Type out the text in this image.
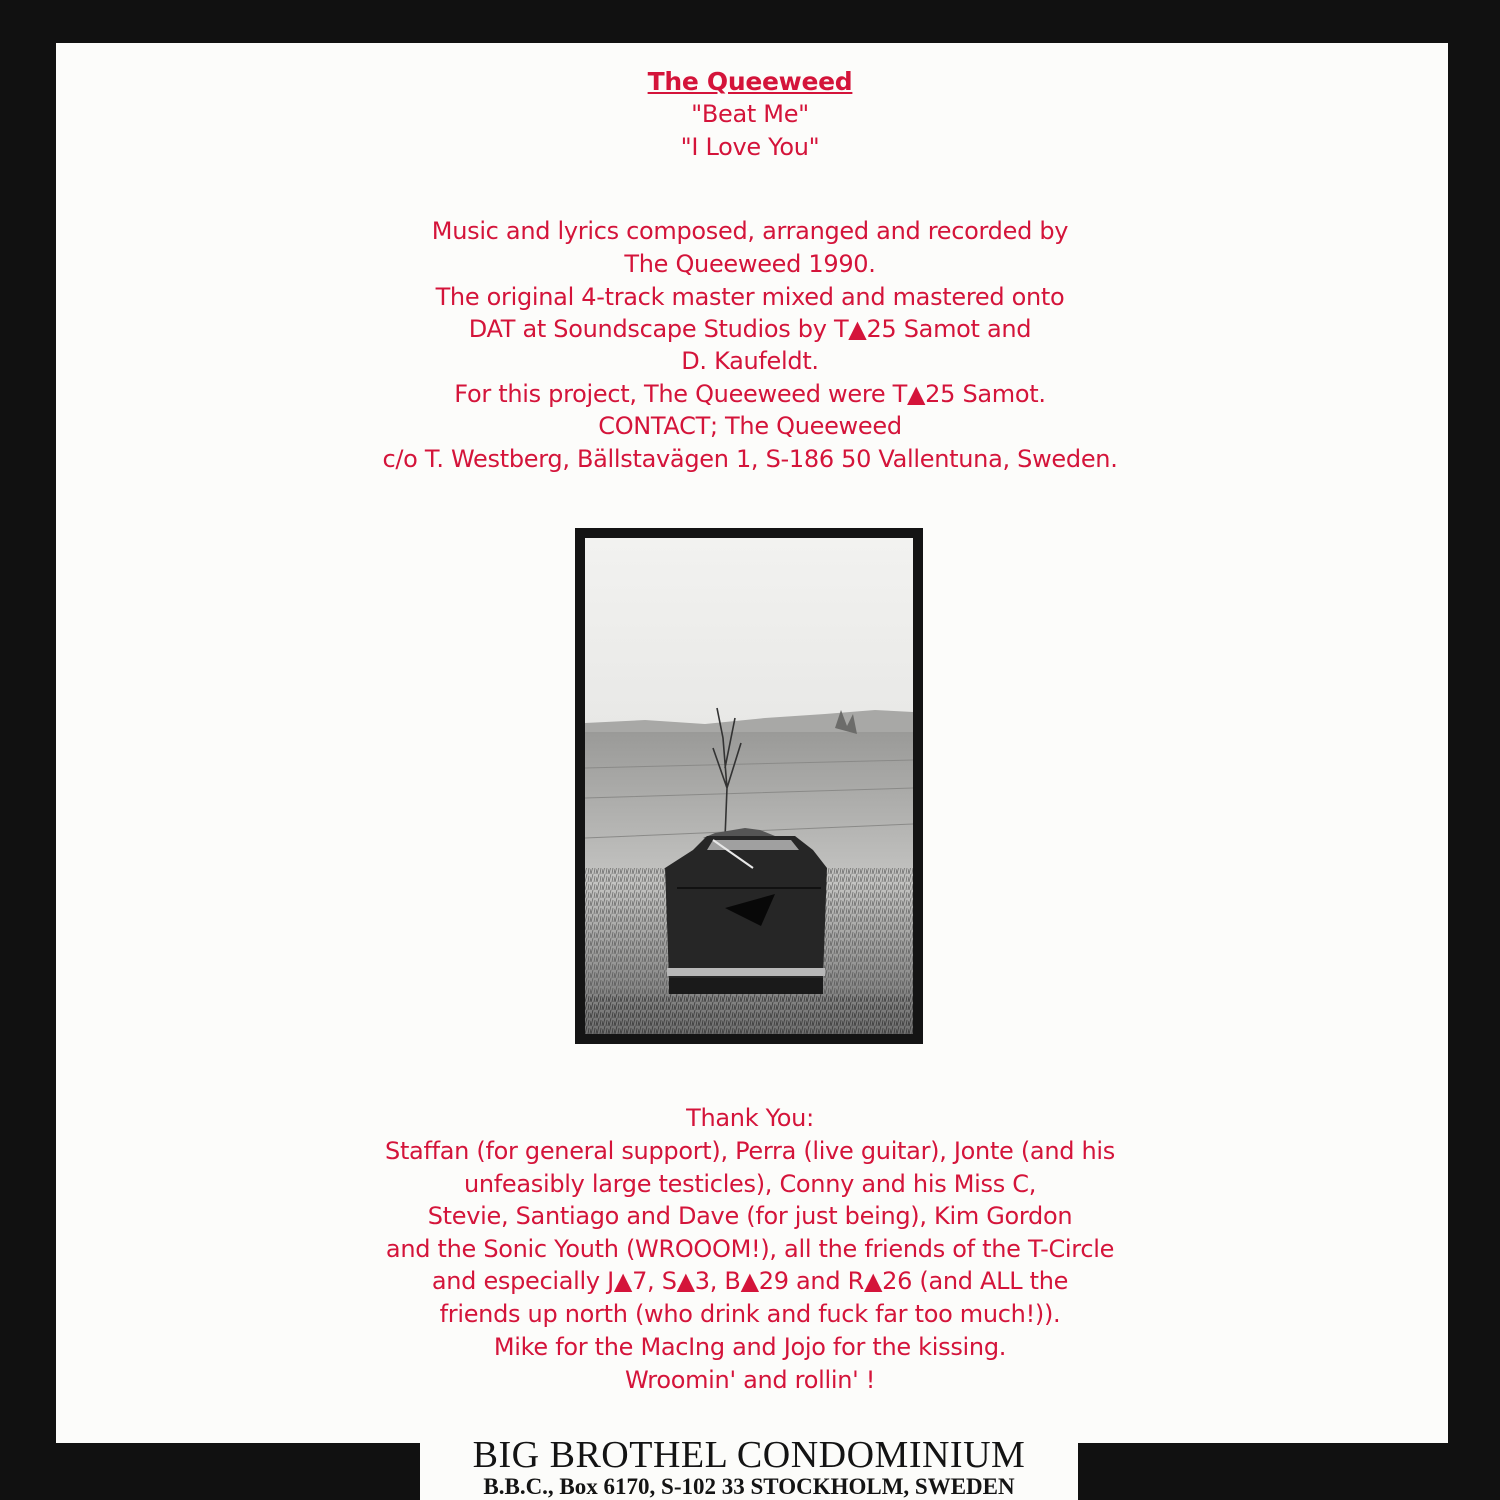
The Queeweed
"Beat Me"
"I Love You"
Music and lyrics composed, arranged and recorded by
The Queeweed 1990.
The original 4-track master mixed and mastered onto
DAT at Soundscape Studios by T▲25 Samot and
D. Kaufeldt.
For this project, The Queeweed were T▲25 Samot.
CONTACT; The Queeweed
c/o T. Westberg, Bällstavägen 1, S-186 50 Vallentuna, Sweden.
Thank You:
Staffan (for general support), Perra (live guitar), Jonte (and his
unfeasibly large testicles), Conny and his Miss C,
Stevie, Santiago and Dave (for just being), Kim Gordon
and the Sonic Youth (WROOOM!), all the friends of the T-Circle
and especially J▲7, S▲3, B▲29 and R▲26 (and ALL the
friends up north (who drink and fuck far too much!)).
Mike for the MacIng and Jojo for the kissing.
Wroomin' and rollin' !
BIG BROTHEL CONDOMINIUM
B.B.C., Box 6170, S-102 33 STOCKHOLM, SWEDEN
